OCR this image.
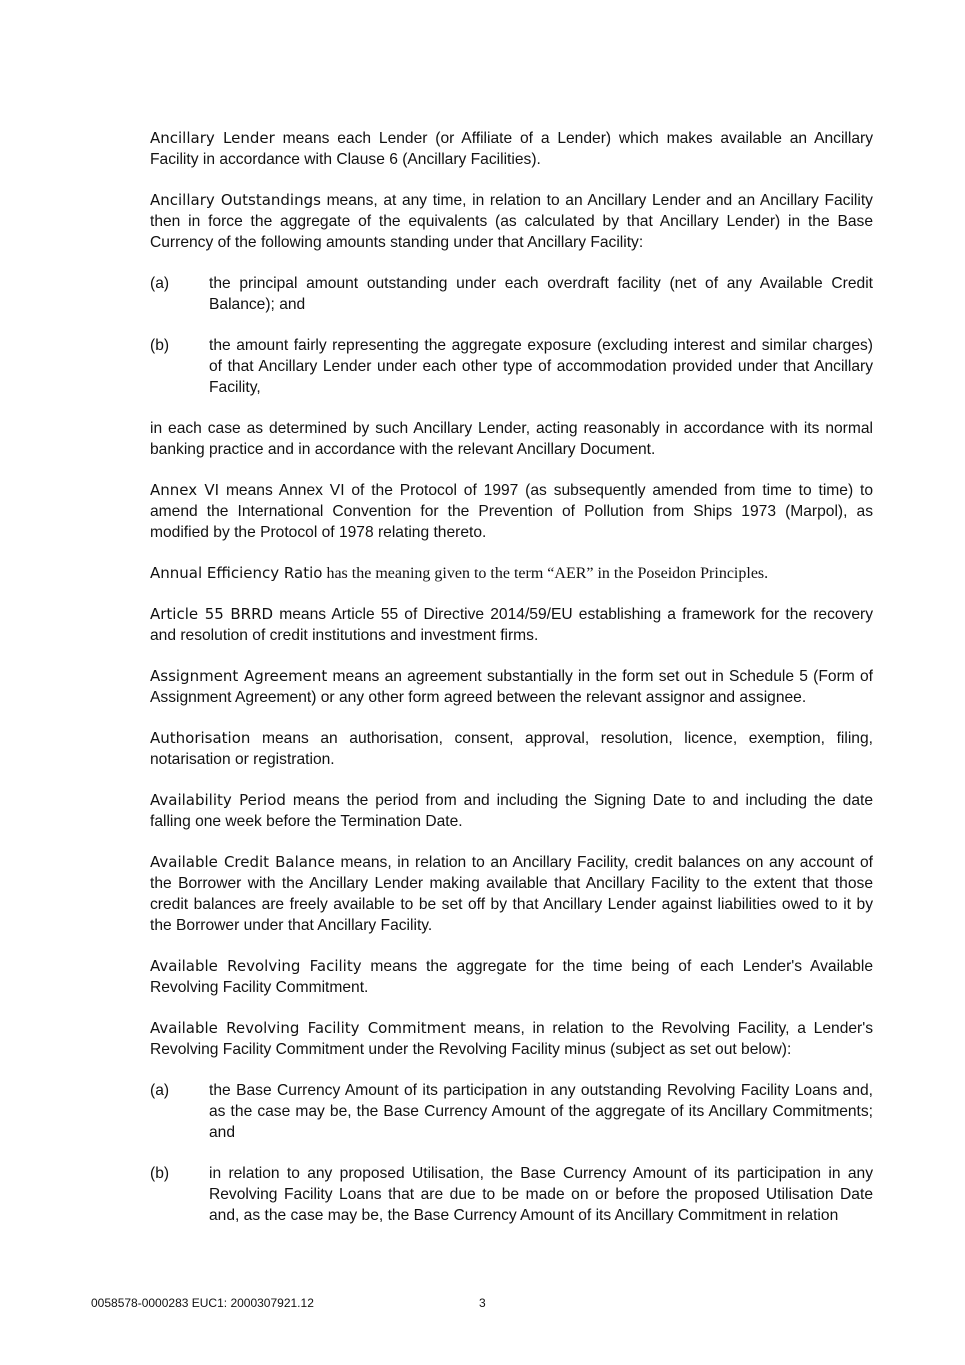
Ancillary Lender means each Lender (or Affiliate of a Lender) which makes available an Ancillary Facility in accordance with Clause 6 (Ancillary Facilities).

Ancillary Outstandings means, at any time, in relation to an Ancillary Lender and an Ancillary Facility then in force the aggregate of the equivalents (as calculated by that Ancillary Lender) in the Base Currency of the following amounts standing under that Ancillary Facility:

(a)	the principal amount outstanding under each overdraft facility (net of any Available Credit Balance); and
(b)	the amount fairly representing the aggregate exposure (excluding interest and similar charges) of that Ancillary Lender under each other type of accommodation provided under that Ancillary Facility,

in each case as determined by such Ancillary Lender, acting reasonably in accordance with its normal banking practice and in accordance with the relevant Ancillary Document.

Annex VI means Annex VI of the Protocol of 1997 (as subsequently amended from time to time) to amend the International Convention for the Prevention of Pollution from Ships 1973 (Marpol), as modified by the Protocol of 1978 relating thereto.

Annual Efficiency Ratio has the meaning given to the term “AER” in the Poseidon Principles.

Article 55 BRRD means Article 55 of Directive 2014/59/EU establishing a framework for the recovery and resolution of credit institutions and investment firms.

Assignment Agreement means an agreement substantially in the form set out in Schedule 5 (Form of Assignment Agreement) or any other form agreed between the relevant assignor and assignee.

Authorisation means an authorisation, consent, approval, resolution, licence, exemption, filing, notarisation or registration.

Availability Period means the period from and including the Signing Date to and including the date falling one week before the Termination Date.

Available Credit Balance means, in relation to an Ancillary Facility, credit balances on any account of the Borrower with the Ancillary Lender making available that Ancillary Facility to the extent that those credit balances are freely available to be set off by that Ancillary Lender against liabilities owed to it by the Borrower under that Ancillary Facility.

Available Revolving Facility means the aggregate for the time being of each Lender's Available Revolving Facility Commitment.

Available Revolving Facility Commitment means, in relation to the Revolving Facility, a Lender's Revolving Facility Commitment under the Revolving Facility minus (subject as set out below):

(a)	the Base Currency Amount of its participation in any outstanding Revolving Facility Loans and, as the case may be, the Base Currency Amount of the aggregate of its Ancillary Commitments; and
(b)	in relation to any proposed Utilisation, the Base Currency Amount of its participation in any Revolving Facility Loans that are due to be made on or before the proposed Utilisation Date and, as the case may be, the Base Currency Amount of its Ancillary Commitment in relation
0058578-0000283 EUC1: 2000307921.12	3
